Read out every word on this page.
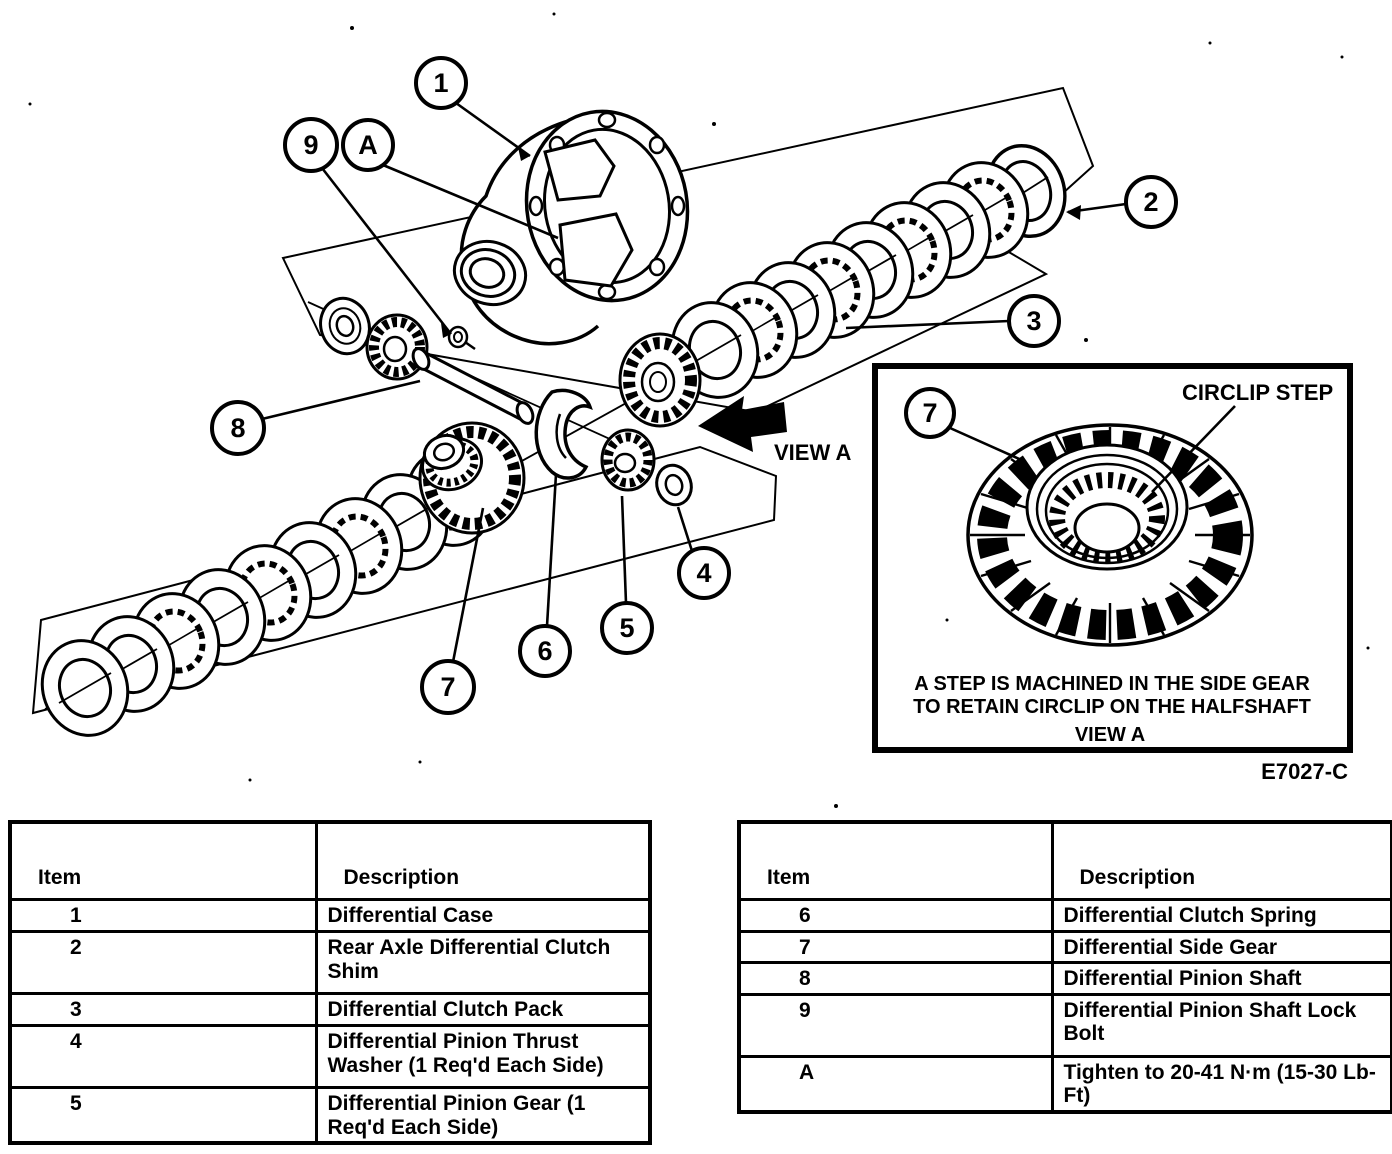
VIEW A
1
9 A
2
3
8
7
6
5
4
7
CIRCLIP STEP
A STEP IS MACHINED IN THE SIDE GEAR
TO RETAIN CIRCLIP ON THE HALFSHAFT
VIEW A
E7027-C
Item	Description
1	Differential Case
2	Rear Axle Differential Clutch Shim
3	Differential Clutch Pack
4	Differential Pinion Thrust Washer (1 Req'd Each Side)
5	Differential Pinion Gear (1 Req'd Each Side)
Item	Description
6	Differential Clutch Spring
7	Differential Side Gear
8	Differential Pinion Shaft
9	Differential Pinion Shaft Lock Bolt
A	Tighten to 20-41 N·m (15-30 Lb-Ft)
